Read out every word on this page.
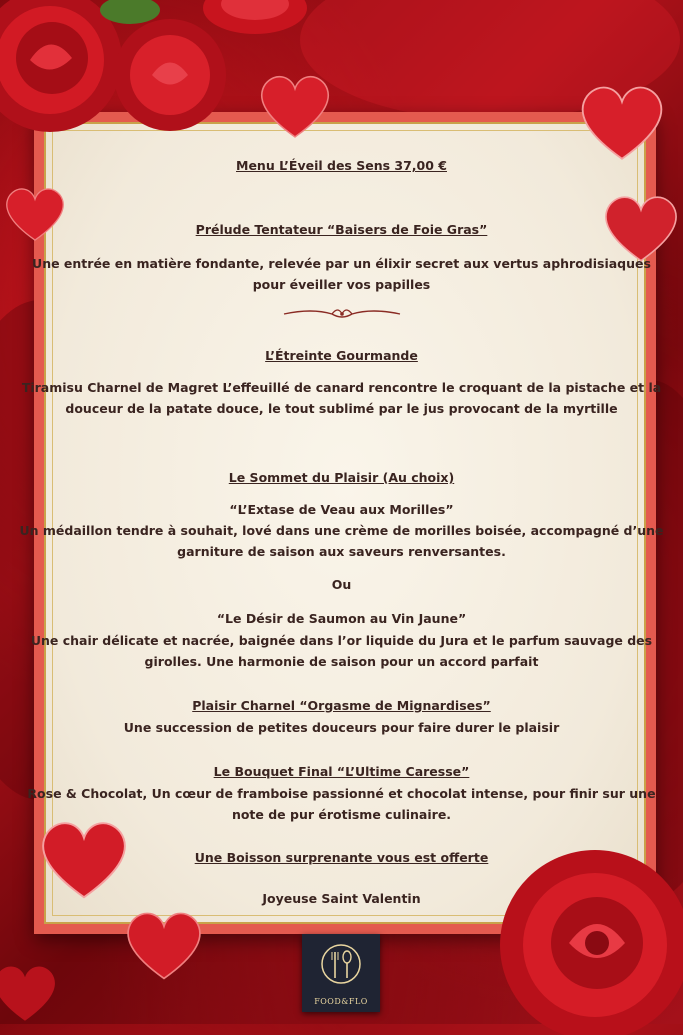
Menu L’Éveil des Sens 37,00 €

Prélude Tentateur “Baisers de Foie Gras”

Une entrée en matière fondante, relevée par un élixir secret aux vertus aphrodisiaques pour éveiller vos papilles

L’Étreinte Gourmande

Tiramisu Charnel de Magret L’effeuillé de canard rencontre le croquant de la pistache et la douceur de la patate douce, le tout sublimé par le jus provocant de la myrtille

Le Sommet du Plaisir (Au choix)

“L’Extase de Veau aux Morilles”

Un médaillon tendre à souhait, lové dans une crème de morilles boisée, accompagné d’une garniture de saison aux saveurs renversantes.

Ou

“Le Désir de Saumon au Vin Jaune”

Une chair délicate et nacrée, baignée dans l’or liquide du Jura et le parfum sauvage des girolles. Une harmonie de saison pour un accord parfait

Plaisir Charnel “Orgasme de Mignardises”

Une succession de petites douceurs pour faire durer le plaisir

Le Bouquet Final “L’Ultime Caresse”

Rose & Chocolat, Un cœur de framboise passionné et chocolat intense, pour finir sur une note de pur érotisme culinaire.

Une Boisson surprenante vous est offerte

Joyeuse Saint Valentin

FOOD&FLO
